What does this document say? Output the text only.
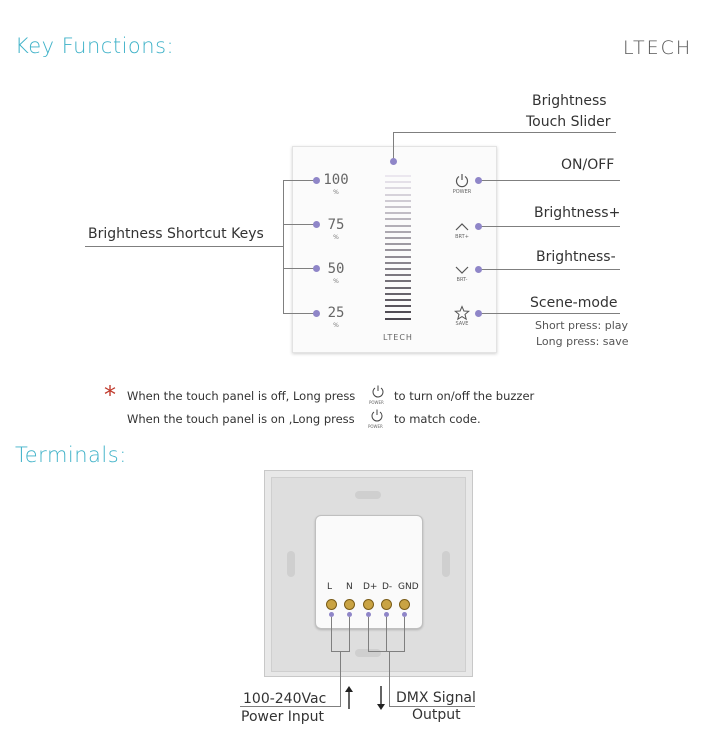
Key Functions:	LTECH
100
%
75
%
50
%
25
%
POWER
BRT+
BRT-
SAVE
LTECH
Brightness
Touch Slider
Brightness Shortcut Keys
ON/OFF
Brightness+
Brightness-
Scene-mode
Short press: play
Long press: save
* When the touch panel is off, Long press	POWER to turn on/off the buzzer
When the touch panel is on ,Long press
POWER
to match code.
Terminals:
L N D+ D- GND
100-240Vac
Power Input
DMX Signal
Output
